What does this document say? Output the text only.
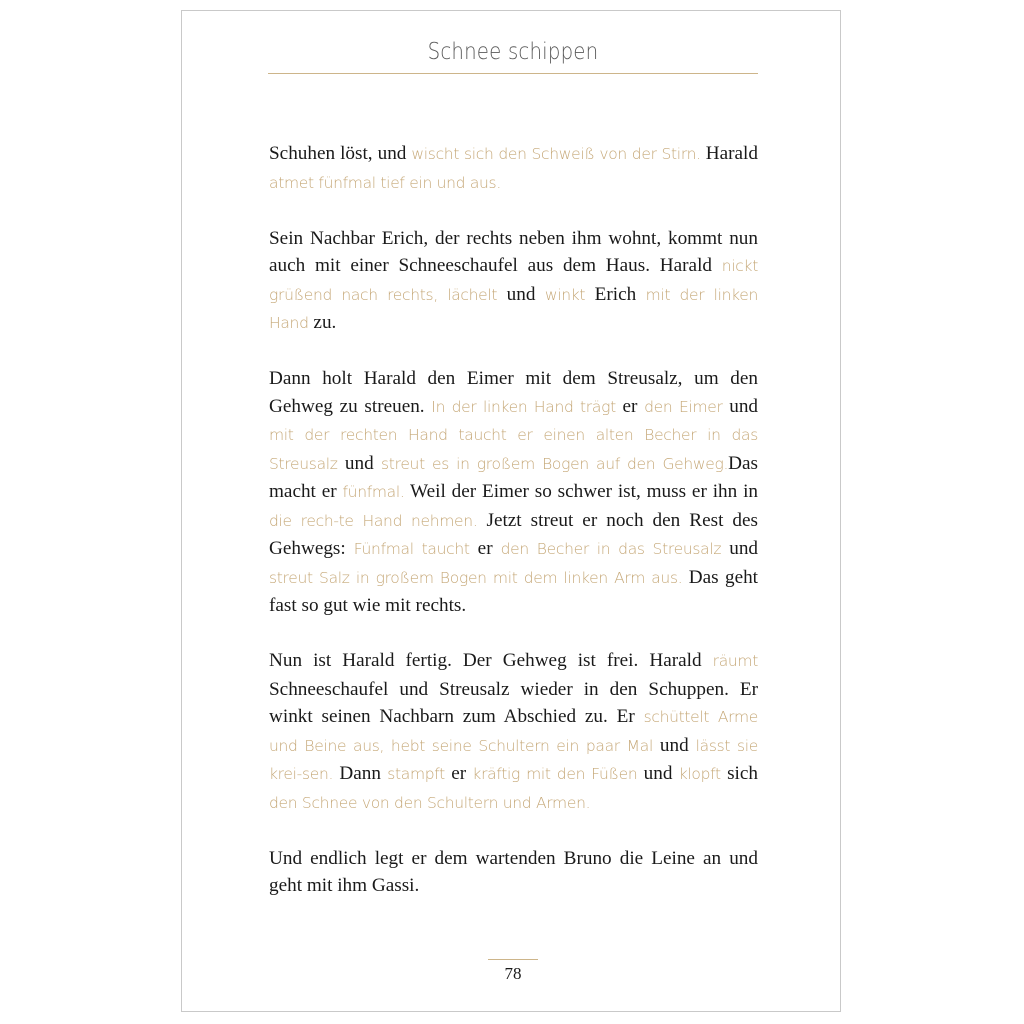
Schnee schippen

Schuhen löst, und wischt sich den Schweiß von der Stirn. Harald atmet fünfmal tief ein und aus.

Sein Nachbar Erich, der rechts neben ihm wohnt, kommt nun auch mit einer Schneeschaufel aus dem Haus. Harald nickt grüßend nach rechts, lächelt und winkt Erich mit der linken Hand zu.

Dann holt Harald den Eimer mit dem Streusalz, um den Gehweg zu streuen. In der linken Hand trägt er den Eimer und mit der rechten Hand taucht er einen alten Becher in das Streusalz und streut es in großem Bogen auf den Gehweg.Das macht er fünfmal. Weil der Eimer so schwer ist, muss er ihn in die rech-te Hand nehmen. Jetzt streut er noch den Rest des Gehwegs: Fünfmal taucht er den Becher in das Streusalz und streut Salz in großem Bogen mit dem linken Arm aus. Das geht fast so gut wie mit rechts.

Nun ist Harald fertig. Der Gehweg ist frei. Harald räumt Schneeschaufel und Streusalz wieder in den Schuppen. Er winkt seinen Nachbarn zum Abschied zu. Er schüttelt Arme und Beine aus, hebt seine Schultern ein paar Mal und lässt sie krei-sen. Dann stampft er kräftig mit den Füßen und klopft sich den Schnee von den Schultern und Armen.

Und endlich legt er dem wartenden Bruno die Leine an und geht mit ihm Gassi.

78
